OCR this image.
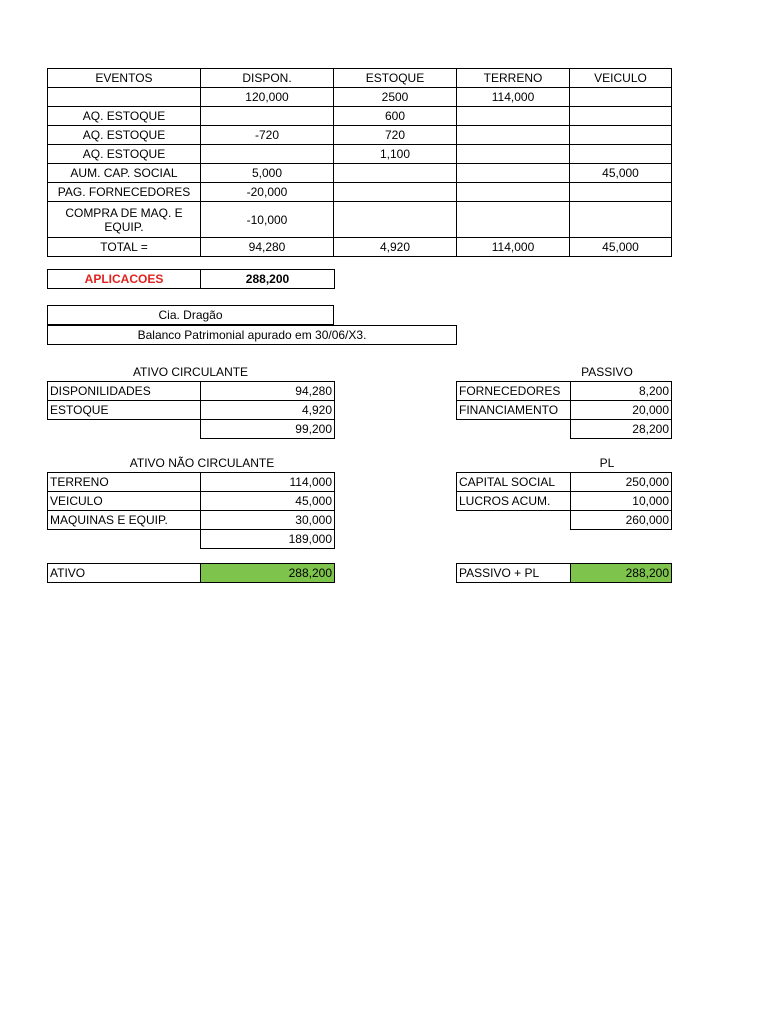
EVENTOS	DISPON.	ESTOQUE	TERRENO	VEICULO
	120,000	2500	114,000	
AQ. ESTOQUE		600		
AQ. ESTOQUE	-720	720		
AQ. ESTOQUE		1,100		
AUM. CAP. SOCIAL	5,000			45,000
PAG. FORNECEDORES	-20,000			
COMPRA DE MAQ. E EQUIP.	-10,000			
TOTAL =	94,280	4,920	114,000	45,000
APLICACOES	288,200
Cia. Dragão
Balanco Patrimonial apurado em 30/06/X3.
ATIVO CIRCULANTE
DISPONILIDADES	94,280
ESTOQUE	4,920
	99,200
PASSIVO
FORNECEDORES	8,200
FINANCIAMENTO	20,000
	28,200
ATIVO NÃO CIRCULANTE
TERRENO	114,000
VEICULO	45,000
MAQUINAS E EQUIP.	30,000
	189,000
PL
CAPITAL SOCIAL	250,000
LUCROS ACUM.	10,000
	260,000
ATIVO	288,200	PASSIVO + PL	288,200
